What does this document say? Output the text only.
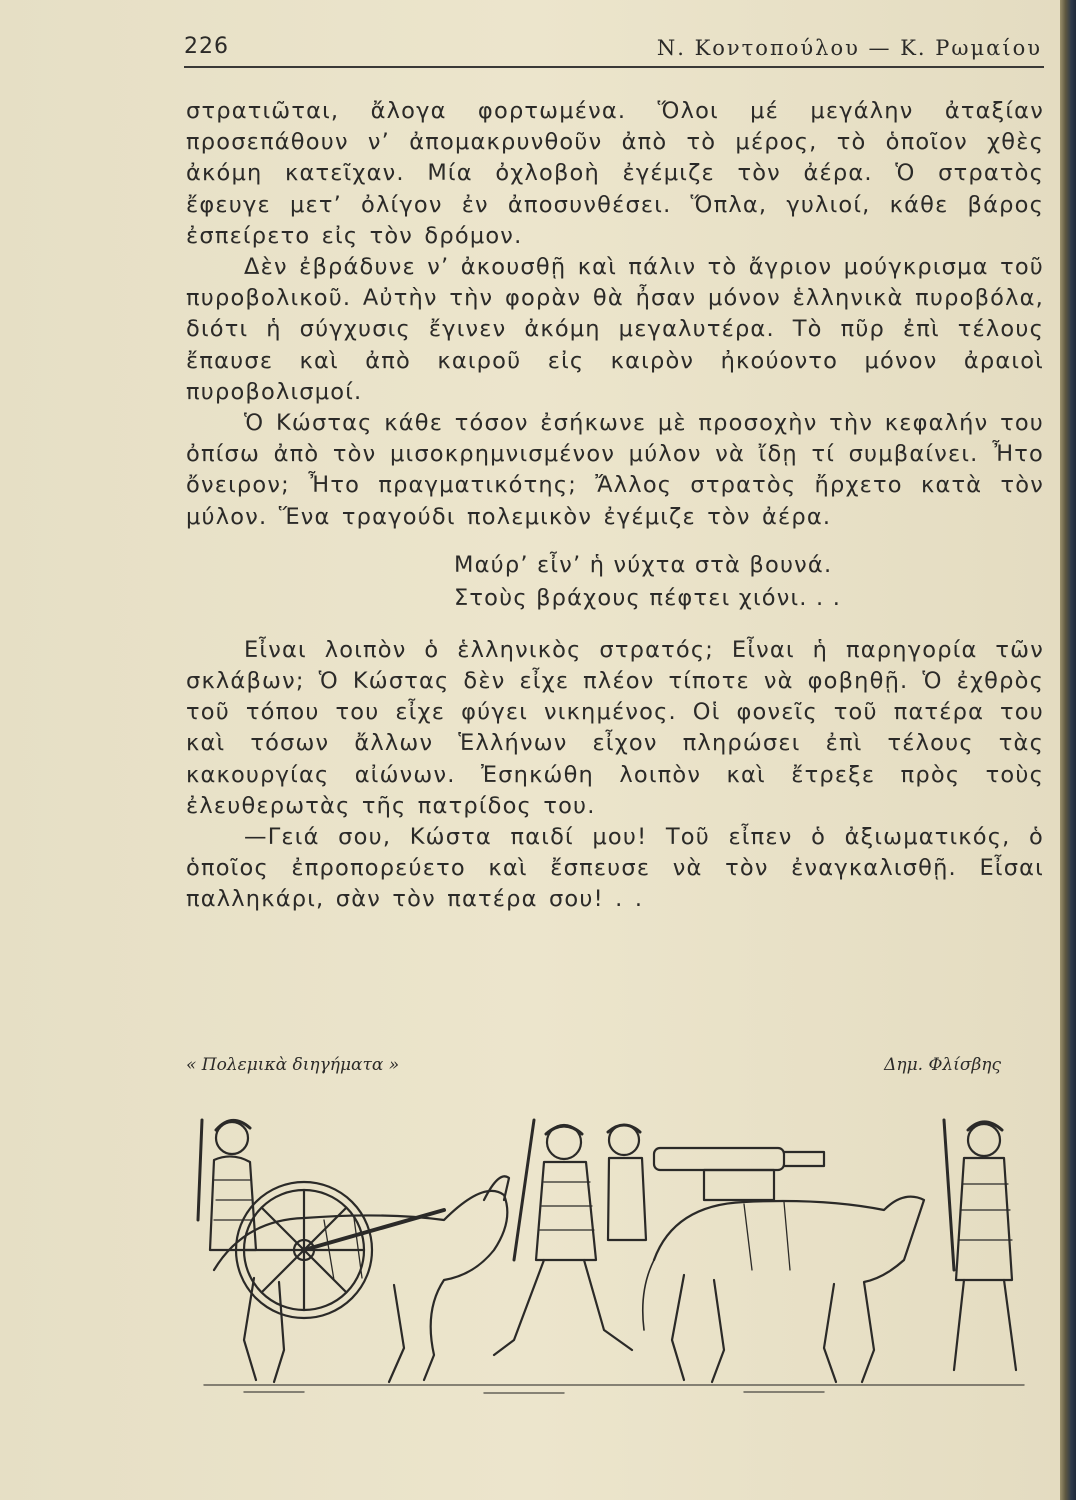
226	Ν. Κοντοπούλου — Κ. Ρωμαίου

στρατιῶται, ἄλογα φορτωμένα. Ὅλοι μέ μεγάλην ἀταξίαν προσεπάθουν ν’ ἀπομακρυνθοῦν ἀπὸ τὸ μέρος, τὸ ὁποῖον χθὲς ἀκόμη κατεῖχαν. Μία ὀχλοβοὴ ἐγέμιζε τὸν ἀέρα. Ὁ στρατὸς ἔφευγε μετ’ ὀλίγον ἐν ἀποσυνθέσει. Ὅπλα, γυλιοί, κάθε βάρος ἐσπείρετο εἰς τὸν δρόμον.

Δὲν ἐβράδυνε ν’ ἀκουσθῇ καὶ πάλιν τὸ ἄγριον μούγκρισμα τοῦ πυροβολικοῦ. Αὐτὴν τὴν φορὰν θὰ ἦσαν μόνον ἑλληνικὰ πυροβόλα, διότι ἡ σύγχυσις ἔγινεν ἀκόμη μεγαλυτέρα. Τὸ πῦρ ἐπὶ τέλους ἔπαυσε καὶ ἀπὸ καιροῦ εἰς καιρὸν ἠκούοντο μόνον ἀραιοὶ πυροβολισμοί.

Ὁ Κώστας κάθε τόσον ἐσήκωνε μὲ προσοχὴν τὴν κεφαλήν του ὀπίσω ἀπὸ τὸν μισοκρημνισμένον μύλον νὰ ἴδῃ τί συμβαίνει. Ἦτο ὄνειρον; Ἦτο πραγματικότης; Ἄλλος στρατὸς ἤρχετο κατὰ τὸν μύλον. Ἕνα τραγούδι πολεμικὸν ἐγέμιζε τὸν ἀέρα.

Μαύρ’ εἶν’ ἡ νύχτα στὰ βουνά.
Στοὺς βράχους πέφτει χιόνι. . .

Εἶναι λοιπὸν ὁ ἑλληνικὸς στρατός; Εἶναι ἡ παρηγορία τῶν σκλάβων; Ὁ Κώστας δὲν εἶχε πλέον τίποτε νὰ φοβηθῇ. Ὁ ἐχθρὸς τοῦ τόπου του εἶχε φύγει νικημένος. Οἱ φονεῖς τοῦ πατέρα του καὶ τόσων ἄλλων Ἑλλήνων εἶχον πληρώσει ἐπὶ τέλους τὰς κακουργίας αἰώνων. Ἐσηκώθη λοιπὸν καὶ ἔτρεξε πρὸς τοὺς ἐλευθερωτὰς τῆς πατρίδος του.

—Γειά σου, Κώστα παιδί μου! Τοῦ εἶπεν ὁ ἀξιωματικός, ὁ ὁποῖος ἐπροπορεύετο καὶ ἔσπευσε νὰ τὸν ἐναγκαλισθῇ. Εἶσαι παλληκάρι, σὰν τὸν πατέρα σου! . .

« Πολεμικὰ διηγήματα »	Δημ. Φλίσβης
